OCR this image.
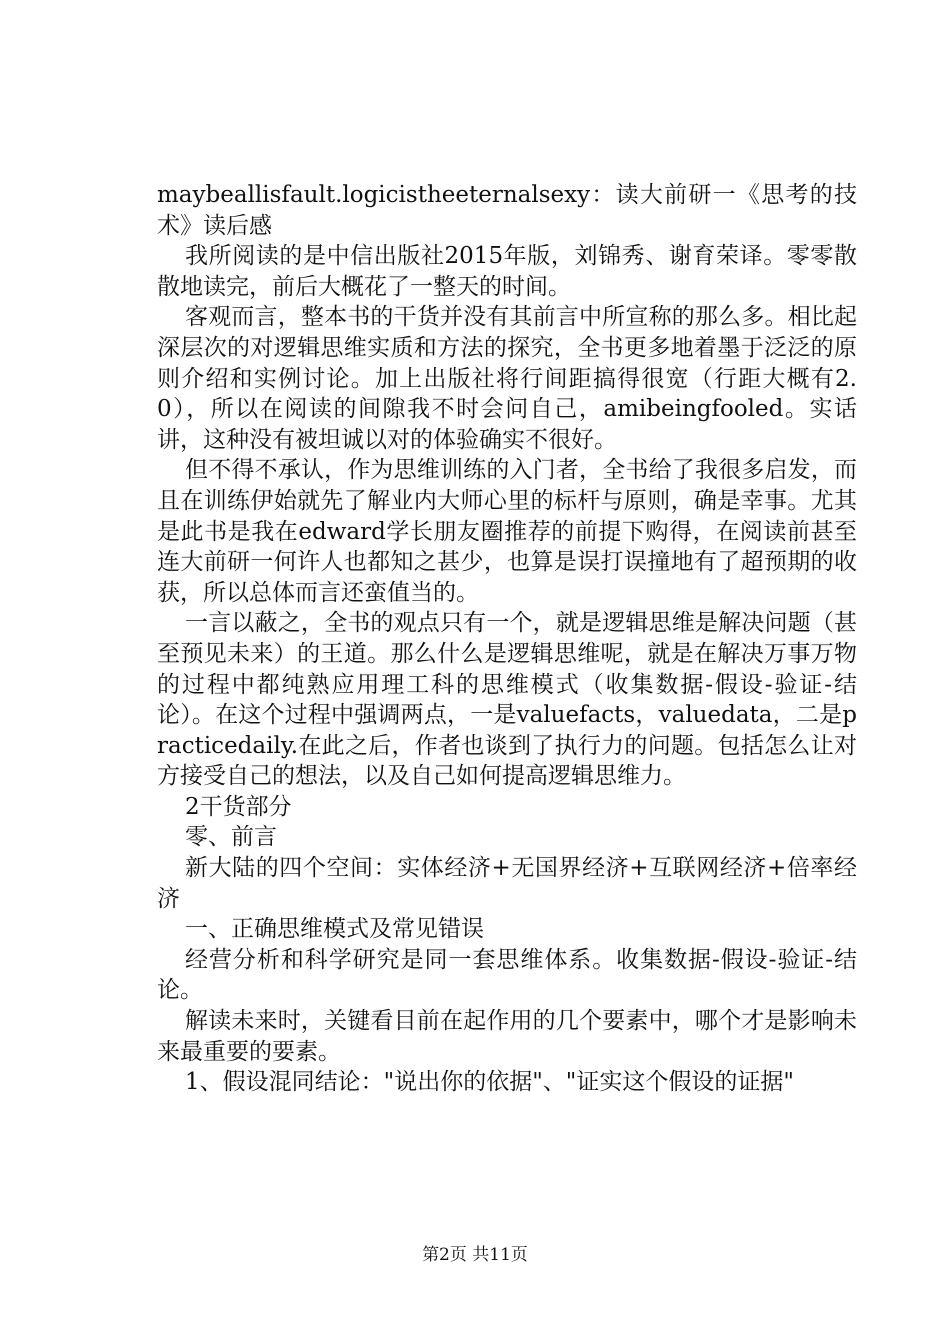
maybeallisfault.logicistheeternalsexy：读大前研一《思考的技术》读后感

我所阅读的是中信出版社2015年版，刘锦秀、谢育荣译。零零散散地读完，前后大概花了一整天的时间。

客观而言，整本书的干货并没有其前言中所宣称的那么多。相比起深层次的对逻辑思维实质和方法的探究，全书更多地着墨于泛泛的原则介绍和实例讨论。加上出版社将行间距搞得很宽（行距大概有2.0），所以在阅读的间隙我不时会问自己，amibeingfooled。实话讲，这种没有被坦诚以对的体验确实不很好。

但不得不承认，作为思维训练的入门者，全书给了我很多启发，而且在训练伊始就先了解业内大师心里的标杆与原则，确是幸事。尤其是此书是我在edward学长朋友圈推荐的前提下购得，在阅读前甚至连大前研一何许人也都知之甚少，也算是误打误撞地有了超预期的收获，所以总体而言还蛮值当的。

一言以蔽之，全书的观点只有一个，就是逻辑思维是解决问题（甚至预见未来）的王道。那么什么是逻辑思维呢，就是在解决万事万物的过程中都纯熟应用理工科的思维模式（收集数据-假设-验证-结论）。在这个过程中强调两点，一是valuefacts，valuedata，二是practicedaily.在此之后，作者也谈到了执行力的问题。包括怎么让对方接受自己的想法，以及自己如何提高逻辑思维力。

2干货部分

零、前言

新大陆的四个空间：实体经济+无国界经济+互联网经济+倍率经济

一、正确思维模式及常见错误

经营分析和科学研究是同一套思维体系。收集数据-假设-验证-结论。

解读未来时，关键看目前在起作用的几个要素中，哪个才是影响未来最重要的要素。

1、假设混同结论："说出你的依据"、"证实这个假设的证据"

第2页 共11页
